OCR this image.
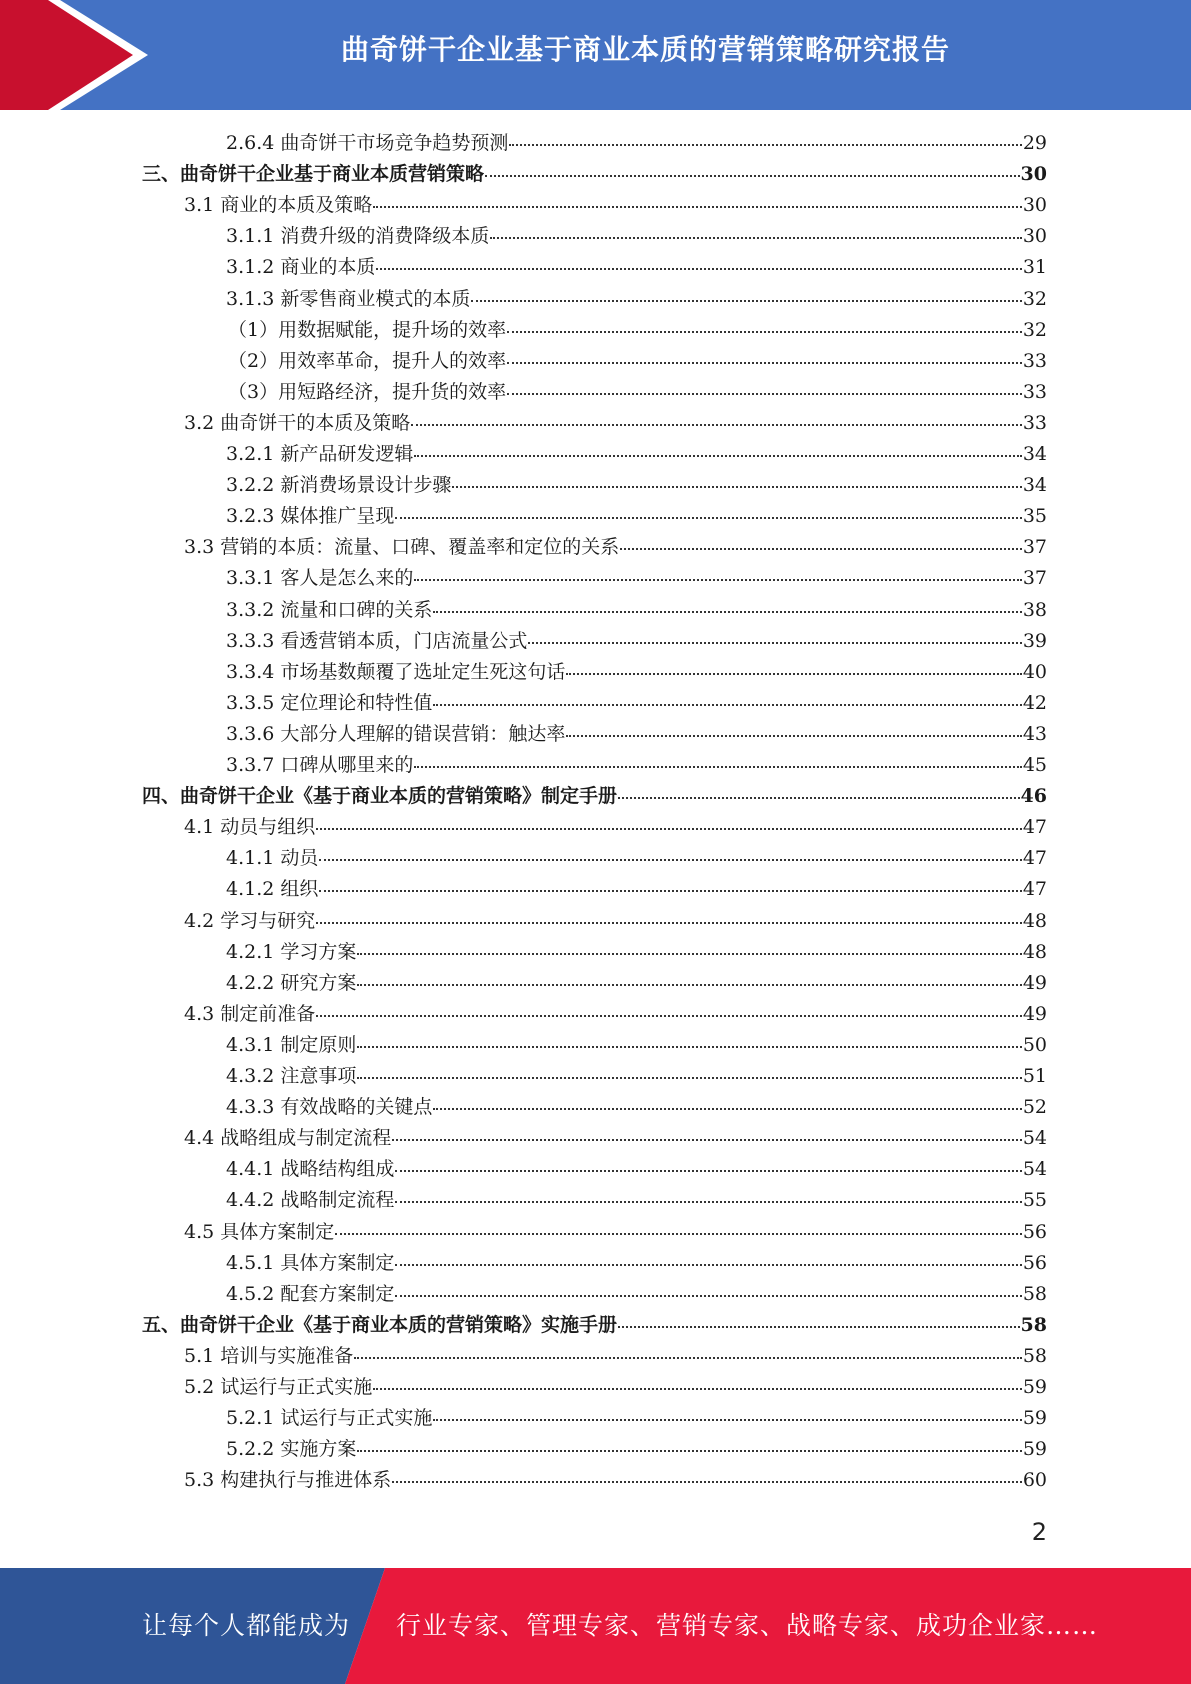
曲奇饼干企业基于商业本质的营销策略研究报告
2.6.4 曲奇饼干市场竞争趋势预测	29
三、曲奇饼干企业基于商业本质营销策略	30
3.1 商业的本质及策略	30
3.1.1 消费升级的消费降级本质	30
3.1.2 商业的本质	31
3.1.3 新零售商业模式的本质	32
（1）用数据赋能，提升场的效率	32
（2）用效率革命，提升人的效率	33
（3）用短路经济，提升货的效率	33
3.2 曲奇饼干的本质及策略	33
3.2.1 新产品研发逻辑	34
3.2.2 新消费场景设计步骤	34
3.2.3 媒体推广呈现	35
3.3 营销的本质：流量、口碑、覆盖率和定位的关系	37
3.3.1 客人是怎么来的	37
3.3.2 流量和口碑的关系	38
3.3.3 看透营销本质，门店流量公式	39
3.3.4 市场基数颠覆了选址定生死这句话	40
3.3.5 定位理论和特性值	42
3.3.6 大部分人理解的错误营销：触达率	43
3.3.7 口碑从哪里来的	45
四、曲奇饼干企业《基于商业本质的营销策略》制定手册	46
4.1 动员与组织	47
4.1.1 动员	47
4.1.2 组织	47
4.2 学习与研究	48
4.2.1 学习方案	48
4.2.2 研究方案	49
4.3 制定前准备	49
4.3.1 制定原则	50
4.3.2 注意事项	51
4.3.3 有效战略的关键点	52
4.4 战略组成与制定流程	54
4.4.1 战略结构组成	54
4.4.2 战略制定流程	55
4.5 具体方案制定	56
4.5.1 具体方案制定	56
4.5.2 配套方案制定	58
五、曲奇饼干企业《基于商业本质的营销策略》实施手册	58
5.1 培训与实施准备	58
5.2 试运行与正式实施	59
5.2.1 试运行与正式实施	59
5.2.2 实施方案	59
5.3 构建执行与推进体系	60
2
让每个人都能成为 行业专家、管理专家、营销专家、战略专家、成功企业家……
